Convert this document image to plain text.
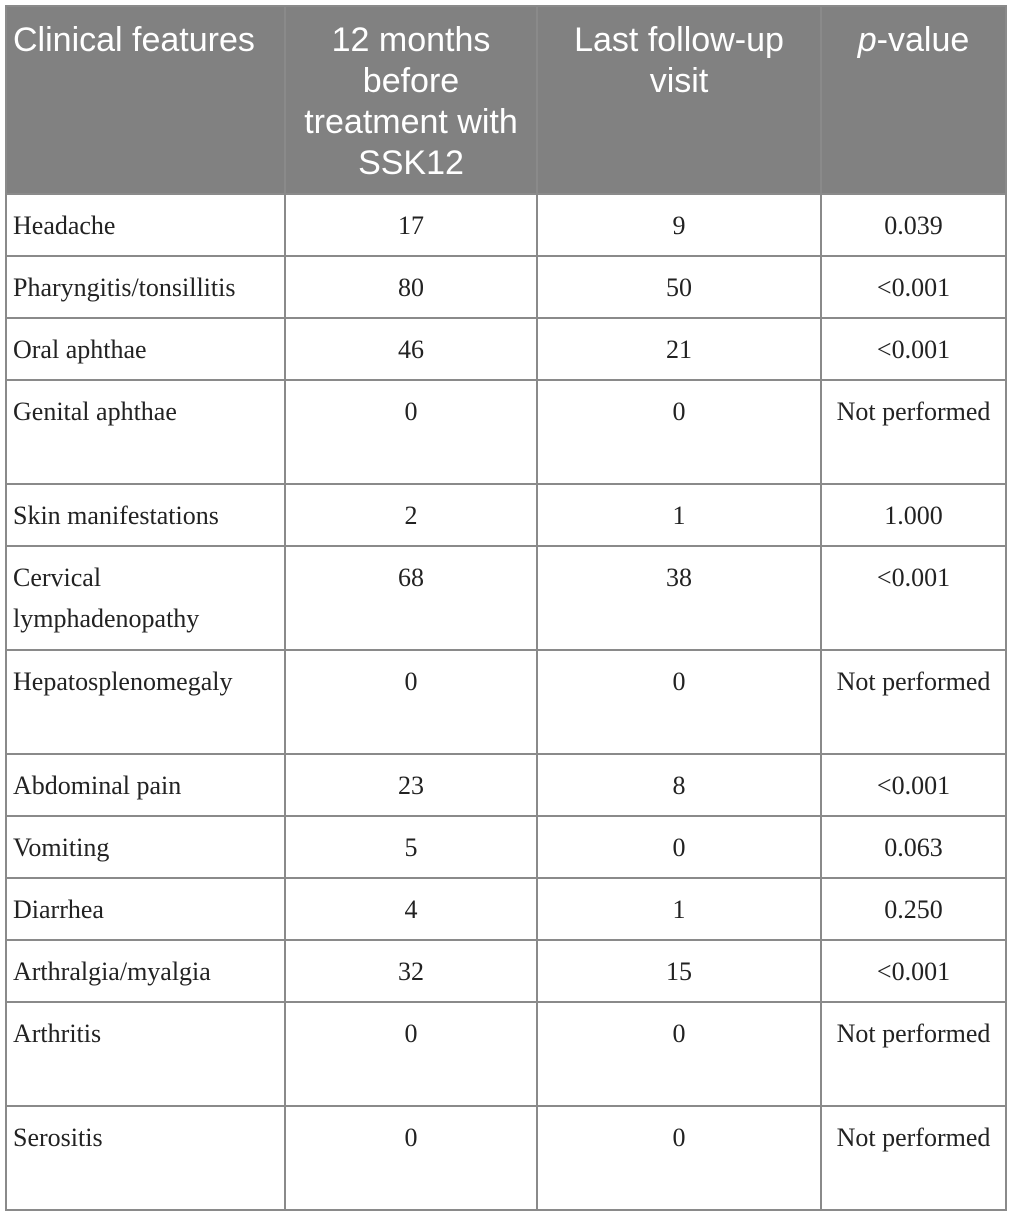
Clinical features	12 months before treatment with SSK12	Last follow-up visit	p-value
Headache	17	9	0.039
Pharyngitis/tonsillitis	80	50	<0.001
Oral aphthae	46	21	<0.001
Genital aphthae	0	0	Not performed
Skin manifestations	2	1	1.000
Cervical lymphadenopathy	68	38	<0.001
Hepatosplenomegaly	0	0	Not performed
Abdominal pain	23	8	<0.001
Vomiting	5	0	0.063
Diarrhea	4	1	0.250
Arthralgia/myalgia	32	15	<0.001
Arthritis	0	0	Not performed
Serositis	0	0	Not performed
